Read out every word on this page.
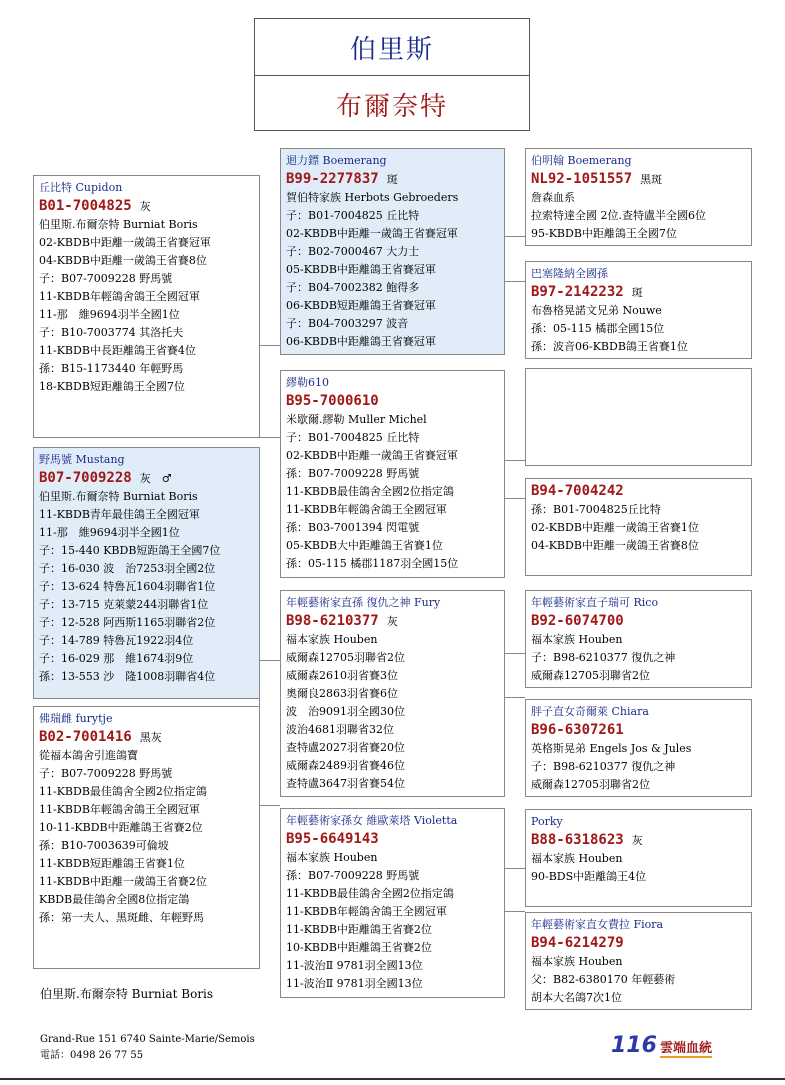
伯里斯
布爾奈特
丘比特 Cupidon
B01-7004825 灰
伯里斯.布爾奈特 Burniat Boris
02-KBDB中距離一歲鴿王省賽冠軍
04-KBDB中距離一歲鴿王省賽8位
子：B07-7009228 野馬號
11-KBDB年輕鴿舍鴿王全國冠軍
11-那　維9694羽半全國1位
子：B10-7003774 其洛托夫
11-KBDB中長距離鴿王省賽4位
孫：B15-1173440 年輕野馬
18-KBDB短距離鴿王全國7位
野馬號 Mustang
B07-7009228 灰　♂
伯里斯.布爾奈特 Burniat Boris
11-KBDB青年最佳鴿王全國冠軍
11-那　維9694羽半全國1位
子：15-440 KBDB短距鴿王全國7位
子：16-030 波　治7253羽全國2位
子：13-624 特魯瓦1604羽聯省1位
子：13-715 克萊蒙244羽聯省1位
子：12-528 阿西斯1165羽聯省2位
子：14-789 特魯瓦1922羽4位
子：16-029 那　維1674羽9位
孫：13-553 沙　隆1008羽聯省4位
佛瑞雌 furytje
B02-7001416 黑灰
從福本鴿舍引進鴿寶
子：B07-7009228 野馬號
11-KBDB最佳鴿舍全國2位指定鴿
11-KBDB年輕鴿舍鴿王全國冠軍
10-11-KBDB中距離鴿王省賽2位
孫：B10-7003639可倫坡
11-KBDB短距離鴿王省賽1位
11-KBDB中距離一歲鴿王省賽2位
KBDB最佳鴿舍全國8位指定鴿
孫：第一夫人、黑斑雌、年輕野馬
迴力鏢 Boemerang
B99-2277837 斑
賀伯特家族 Herbots Gebroeders
子：B01-7004825 丘比特
02-KBDB中距離一歲鴿王省賽冠軍
子：B02-7000467 大力士
05-KBDB中距離鴿王省賽冠軍
子：B04-7002382 鮑得多
06-KBDB短距離鴿王省賽冠軍
子：B04-7003297 波音
06-KBDB中距離鴿王省賽冠軍
繆勒610
B95-7000610
米歇爾.繆勒 Muller Michel
子：B01-7004825 丘比特
02-KBDB中距離一歲鴿王省賽冠軍
孫：B07-7009228 野馬號
11-KBDB最佳鴿舍全國2位指定鴿
11-KBDB年輕鴿舍鴿王全國冠軍
孫：B03-7001394 閃電號
05-KBDB大中距離鴿王省賽1位
孫：05-115 橘郡1187羽全國15位
年輕藝術家直孫 復仇之神 Fury
B98-6210377 灰
福本家族 Houben
威爾森12705羽聯省2位
威爾森2610羽省賽3位
奧爾良2863羽省賽6位
波　治9091羽全國30位
波治4681羽聯省32位
查特盧2027羽省賽20位
威爾森2489羽省賽46位
查特盧3647羽省賽54位
年輕藝術家孫女 維歐萊塔 Violetta
B95-6649143
福本家族 Houben
孫：B07-7009228 野馬號
11-KBDB最佳鴿舍全國2位指定鴿
11-KBDB年輕鴿舍鴿王全國冠軍
11-KBDB中距離鴿王省賽2位
10-KBDB中距離鴿王省賽2位
11-波治Ⅱ 9781羽全國13位
11-波治Ⅱ 9781羽全國13位
伯明翰 Boemerang
NL92-1051557 黑斑
詹森血系
拉索特達全國 2位.查特盧半全國6位
95-KBDB中距離鴿王全國7位
巴塞隆納全國孫
B97-2142232 斑
布魯格晃諾文兄弟 Nouwe
孫：05-115 橘郡全國15位
孫：波音06-KBDB鴿王省賽1位
B94-7004242
孫：B01-7004825丘比特
02-KBDB中距離一歲鴿王省賽1位
04-KBDB中距離一歲鴿王省賽8位
年輕藝術家直子瑞可 Rico
B92-6074700
福本家族 Houben
子：B98-6210377 復仇之神
威爾森12705羽聯省2位
胖子直女奇爾萊 Chiara
B96-6307261
英格斯晃弟 Engels Jos & Jules
子：B98-6210377 復仇之神
威爾森12705羽聯省2位
Porky
B88-6318623 灰
福本家族 Houben
90-BDS中距離鴿王4位
年輕藝術家直女費拉 Fiora
B94-6214279
福本家族 Houben
父：B82-6380170 年輕藝術
胡本大名鴿7次1位
伯里斯.布爾奈特 Burniat Boris
Grand-Rue 151 6740 Sainte-Marie/Semois
電話：0498 26 77 55	116 雲端血統
